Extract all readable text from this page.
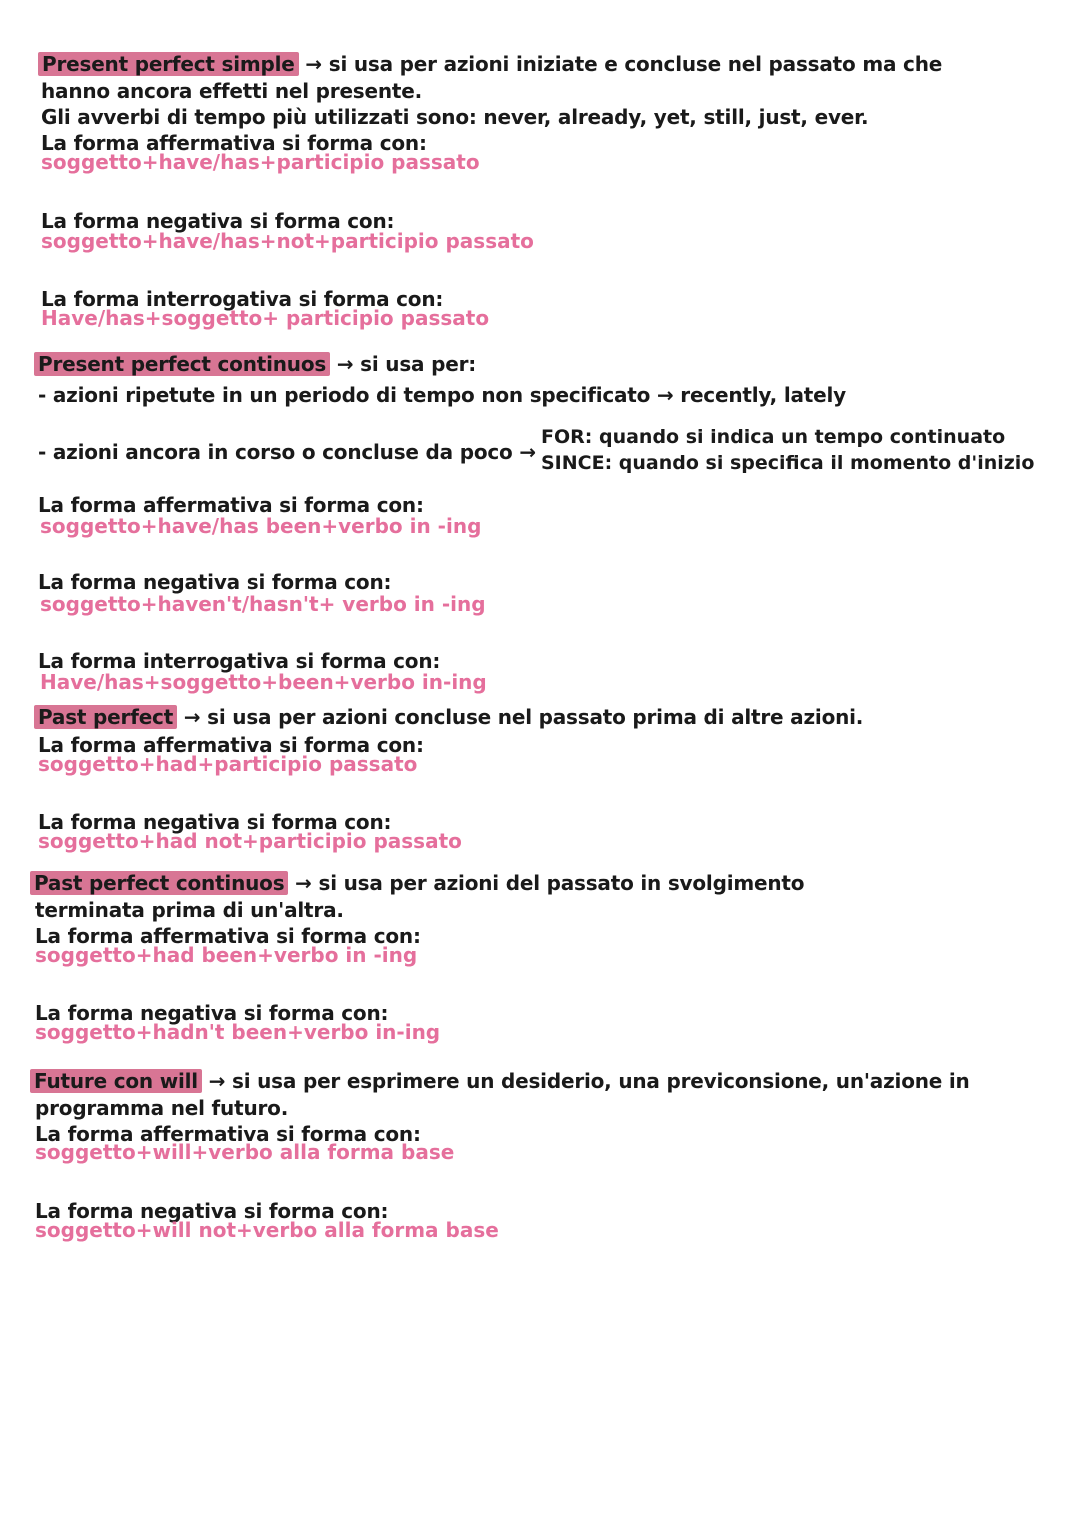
Present perfect simple → si usa per azioni iniziate e concluse nel passato ma che
hanno ancora effetti nel presente.
Gli avverbi di tempo più utilizzati sono: never, already, yet, still, just, ever.
La forma affermativa si forma con:
soggetto+have/has+participio passato
La forma negativa si forma con:
soggetto+have/has+not+participio passato
La forma interrogativa si forma con:
Have/has+soggetto+ participio passato
Present perfect continuos → si usa per:
- azioni ripetute in un periodo di tempo non specificato → recently, lately
- azioni ancora in corso o concluse da poco →
FOR: quando si indica un tempo continuato
SINCE: quando si specifica il momento d'inizio
La forma affermativa si forma con:
soggetto+have/has been+verbo in -ing
La forma negativa si forma con:
soggetto+haven't/hasn't+ verbo in -ing
La forma interrogativa si forma con:
Have/has+soggetto+been+verbo in-ing
Past perfect → si usa per azioni concluse nel passato prima di altre azioni.
La forma affermativa si forma con:
soggetto+had+participio passato
La forma negativa si forma con:
soggetto+had not+participio passato
Past perfect continuos → si usa per azioni del passato in svolgimento
terminata prima di un'altra.
La forma affermativa si forma con:
soggetto+had been+verbo in -ing
La forma negativa si forma con:
soggetto+hadn't been+verbo in-ing
Future con will → si usa per esprimere un desiderio, una previconsione, un'azione in
programma nel futuro.
La forma affermativa si forma con:
soggetto+will+verbo alla forma base
La forma negativa si forma con:
soggetto+will not+verbo alla forma base
